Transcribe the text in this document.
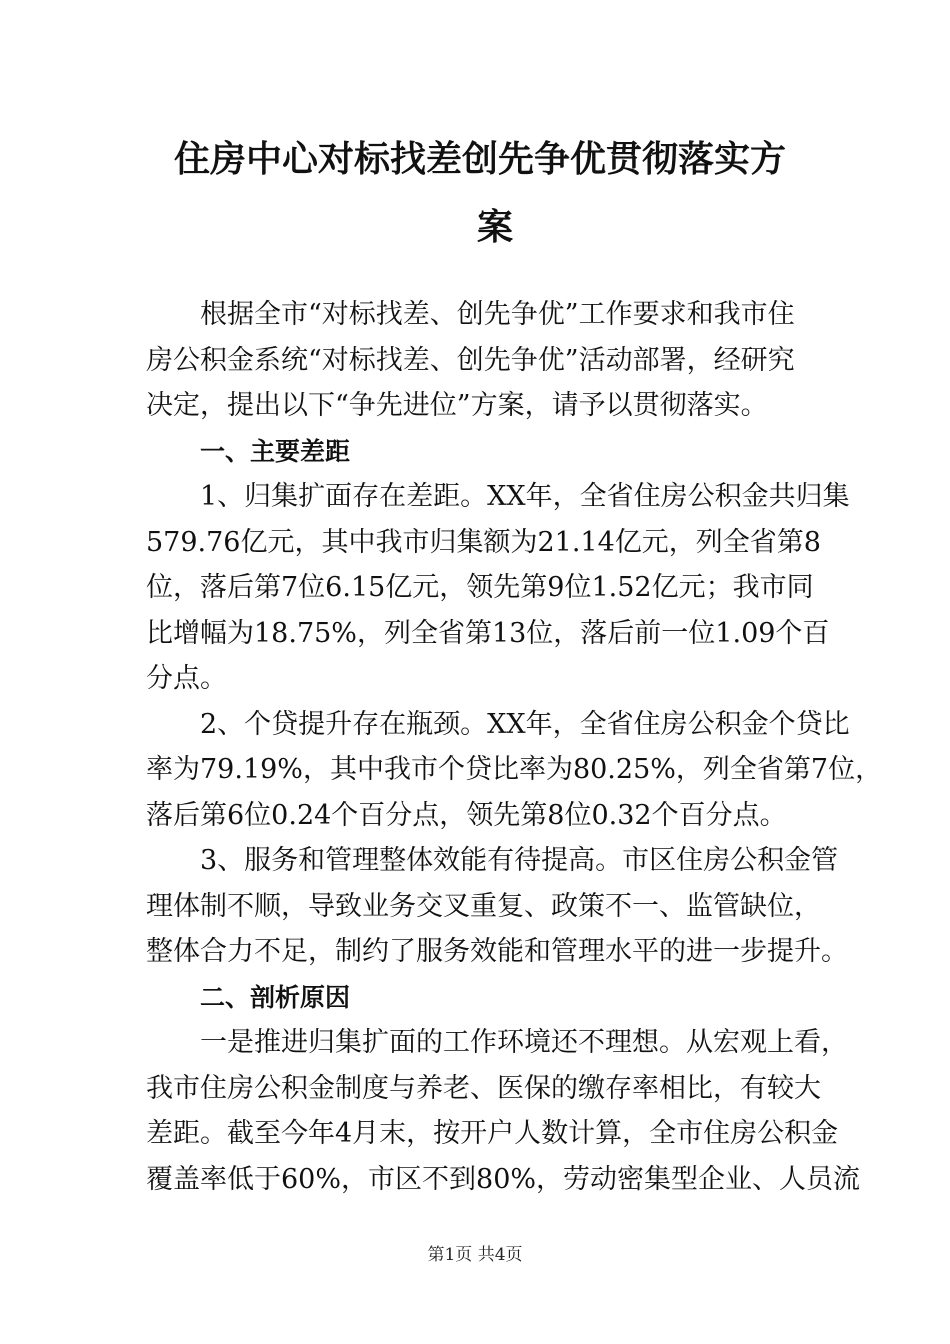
住房中心对标找差创先争优贯彻落实方
案
根据全市“对标找差、创先争优”工作要求和我市住
房公积金系统“对标找差、创先争优”活动部署，经研究
决定，提出以下“争先进位”方案，请予以贯彻落实。
一、主要差距
1、归集扩面存在差距。XX年，全省住房公积金共归集
579.76亿元，其中我市归集额为21.14亿元，列全省第8
位，落后第7位6.15亿元，领先第9位1.52亿元；我市同
比增幅为18.75%，列全省第13位，落后前一位1.09个百
分点。
2、个贷提升存在瓶颈。XX年，全省住房公积金个贷比
率为79.19%，其中我市个贷比率为80.25%，列全省第7位，
落后第6位0.24个百分点，领先第8位0.32个百分点。
3、服务和管理整体效能有待提高。市区住房公积金管
理体制不顺，导致业务交叉重复、政策不一、监管缺位，
整体合力不足，制约了服务效能和管理水平的进一步提升。
二、剖析原因
一是推进归集扩面的工作环境还不理想。从宏观上看，
我市住房公积金制度与养老、医保的缴存率相比，有较大
差距。截至今年4月末，按开户人数计算，全市住房公积金
覆盖率低于60%，市区不到80%，劳动密集型企业、人员流
第1页 共4页
